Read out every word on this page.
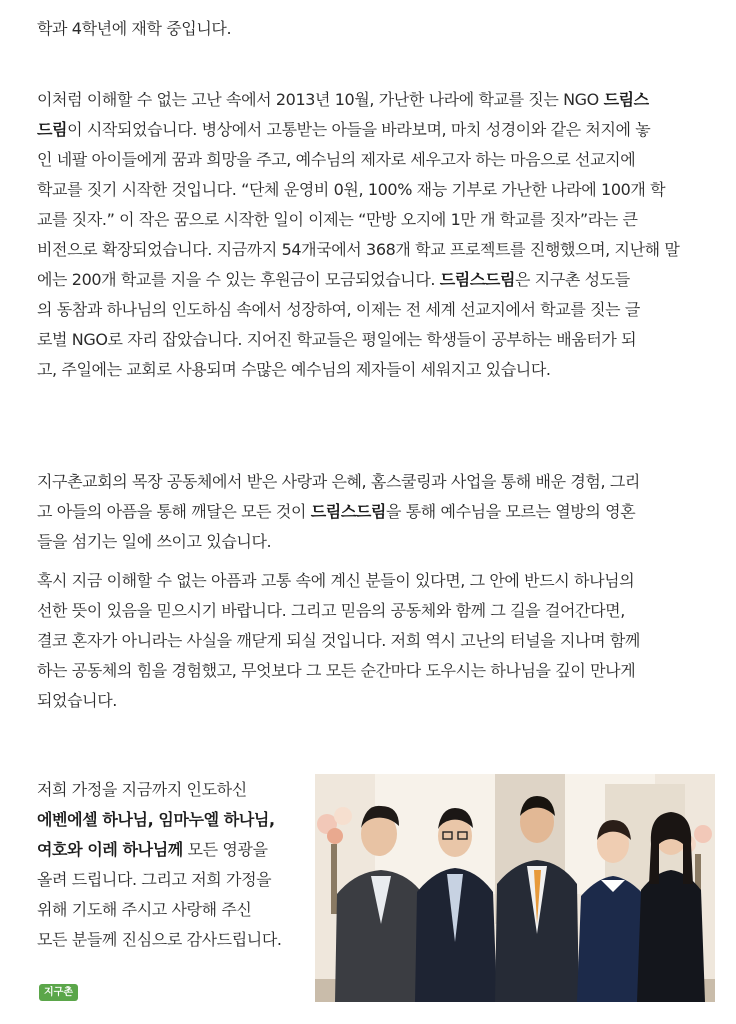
학과 4학년에 재학 중입니다.
이처럼 이해할 수 없는 고난 속에서 2013년 10월, 가난한 나라에 학교를 짓는 NGO 드림스
드림이 시작되었습니다. 병상에서 고통받는 아들을 바라보며, 마치 성경이와 같은 처지에 놓
인 네팔 아이들에게 꿈과 희망을 주고, 예수님의 제자로 세우고자 하는 마음으로 선교지에
학교를 짓기 시작한 것입니다. “단체 운영비 0원, 100% 재능 기부로 가난한 나라에 100개 학
교를 짓자.” 이 작은 꿈으로 시작한 일이 이제는 “만방 오지에 1만 개 학교를 짓자”라는 큰
비전으로 확장되었습니다. 지금까지 54개국에서 368개 학교 프로젝트를 진행했으며, 지난해 말
에는 200개 학교를 지을 수 있는 후원금이 모금되었습니다. 드림스드림은 지구촌 성도들
의 동참과 하나님의 인도하심 속에서 성장하여, 이제는 전 세계 선교지에서 학교를 짓는 글
로벌 NGO로 자리 잡았습니다. 지어진 학교들은 평일에는 학생들이 공부하는 배움터가 되
고, 주일에는 교회로 사용되며 수많은 예수님의 제자들이 세워지고 있습니다.
지구촌교회의 목장 공동체에서 받은 사랑과 은혜, 홈스쿨링과 사업을 통해 배운 경험, 그리
고 아들의 아픔을 통해 깨달은 모든 것이 드림스드림을 통해 예수님을 모르는 열방의 영혼
들을 섬기는 일에 쓰이고 있습니다.
혹시 지금 이해할 수 없는 아픔과 고통 속에 계신 분들이 있다면, 그 안에 반드시 하나님의
선한 뜻이 있음을 믿으시기 바랍니다. 그리고 믿음의 공동체와 함께 그 길을 걸어간다면,
결코 혼자가 아니라는 사실을 깨닫게 되실 것입니다. 저희 역시 고난의 터널을 지나며 함께
하는 공동체의 힘을 경험했고, 무엇보다 그 모든 순간마다 도우시는 하나님을 깊이 만나게
되었습니다.
저희 가정을 지금까지 인도하신
에벤에셀 하나님, 임마누엘 하나님,
여호와 이레 하나님께 모든 영광을
올려 드립니다. 그리고 저희 가정을
위해 기도해 주시고 사랑해 주신
모든 분들께 진심으로 감사드립니다.
지구촌
